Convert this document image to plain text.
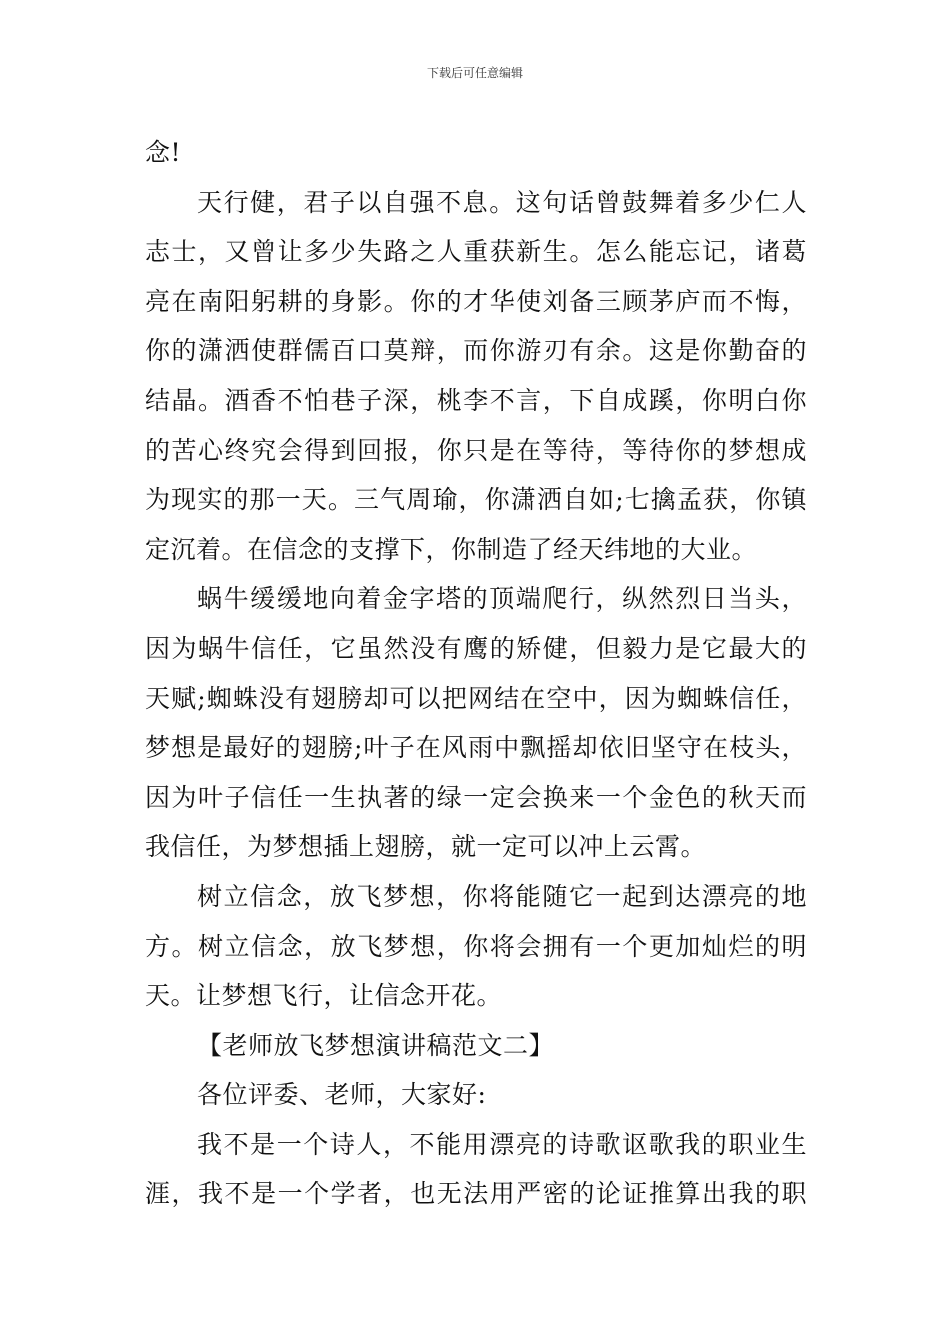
下载后可任意编辑
念!
天行健，君子以自强不息。这句话曾鼓舞着多少仁人
志士，又曾让多少失路之人重获新生。怎么能忘记，诸葛
亮在南阳躬耕的身影。你的才华使刘备三顾茅庐而不悔，
你的潇洒使群儒百口莫辩，而你游刃有余。这是你勤奋的
结晶。酒香不怕巷子深，桃李不言，下自成蹊，你明白你
的苦心终究会得到回报，你只是在等待，等待你的梦想成
为现实的那一天。三气周瑜，你潇洒自如;七擒孟获，你镇
定沉着。在信念的支撑下，你制造了经天纬地的大业。
蜗牛缓缓地向着金字塔的顶端爬行，纵然烈日当头，
因为蜗牛信任，它虽然没有鹰的矫健，但毅力是它最大的
天赋;蜘蛛没有翅膀却可以把网结在空中，因为蜘蛛信任，
梦想是最好的翅膀;叶子在风雨中飘摇却依旧坚守在枝头，
因为叶子信任一生执著的绿一定会换来一个金色的秋天而
我信任，为梦想插上翅膀，就一定可以冲上云霄。
树立信念，放飞梦想，你将能随它一起到达漂亮的地
方。树立信念，放飞梦想，你将会拥有一个更加灿烂的明
天。让梦想飞行，让信念开花。
【老师放飞梦想演讲稿范文二】
各位评委、老师，大家好:
我不是一个诗人，不能用漂亮的诗歌讴歌我的职业生
涯，我不是一个学者，也无法用严密的论证推算出我的职
